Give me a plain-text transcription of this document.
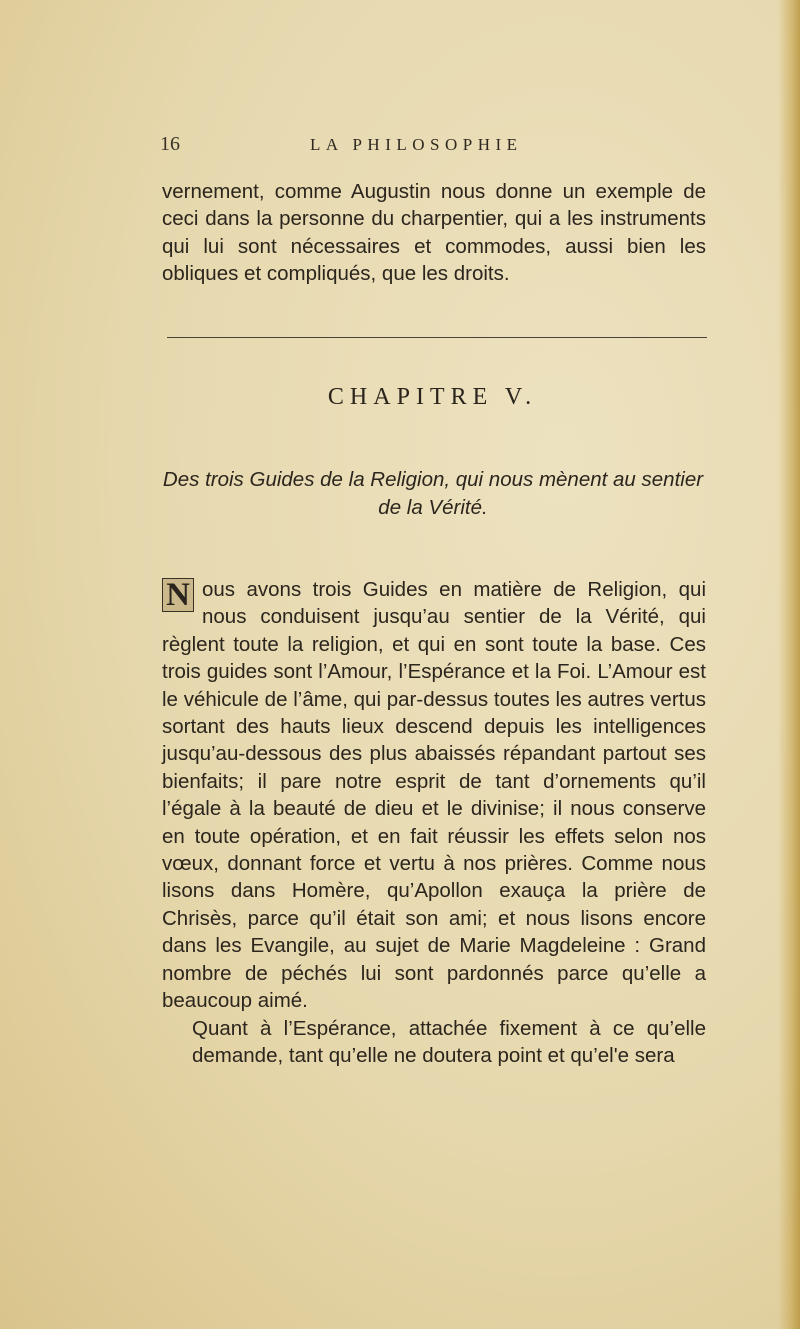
16	LA PHILOSOPHIE

vernement, comme Augustin nous donne un exemple de ceci dans la personne du charpentier, qui a les instruments qui lui sont nécessaires et commodes, aussi bien les obliques et compliqués, que les droits.

CHAPITRE V.
Des trois Guides de la Religion, qui nous mènent au sentier de la Vérité.
N ous avons trois Guides en matière de Religion, qui nous conduisent jusqu’au sentier de la Vérité, qui règlent toute la religion, et qui en sont toute la base. Ces trois guides sont l’Amour, l’Espérance et la Foi. L’Amour est le véhicule de l’âme, qui par-dessus toutes les autres vertus sortant des hauts lieux descend depuis les intelligences jusqu’au-dessous des plus abaissés répandant partout ses bienfaits; il pare notre esprit de tant d’ornements qu’il l’égale à la beauté de dieu et le divinise; il nous conserve en toute opération, et en fait réussir les effets selon nos vœux, donnant force et vertu à nos prières. Comme nous lisons dans Homère, qu’Apollon exauça la prière de Chrisès, parce qu’il était son ami; et nous lisons encore dans les Evangile, au sujet de Marie Magdeleine : Grand nombre de péchés lui sont pardonnés parce qu’elle a beaucoup aimé.

Quant à l’Espérance, attachée fixement à ce qu’elle demande, tant qu’elle ne doutera point et qu’el'e sera
